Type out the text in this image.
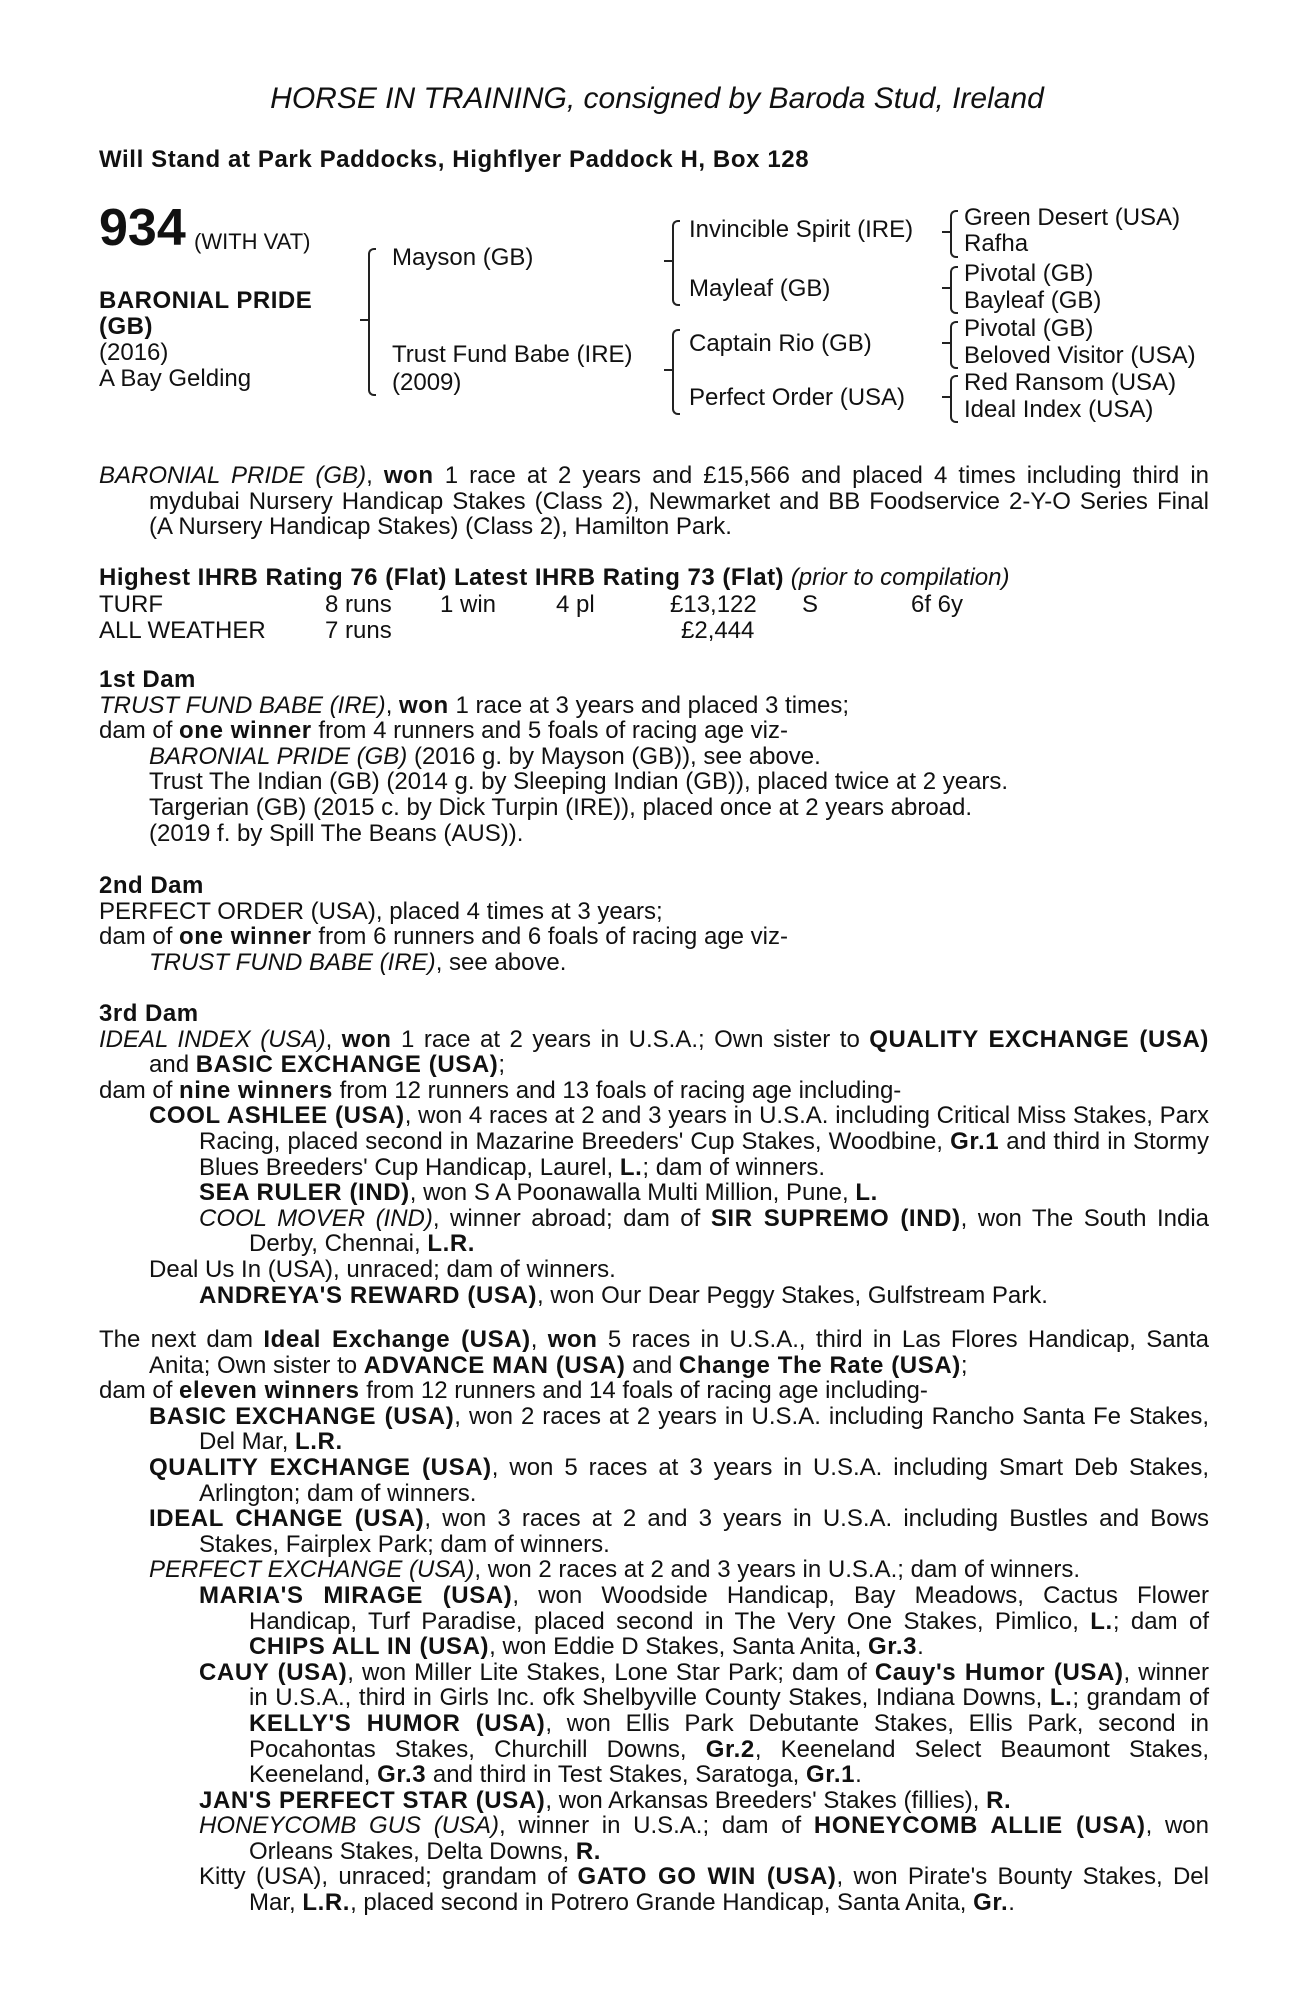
HORSE IN TRAINING, consigned by Baroda Stud, Ireland
Will Stand at Park Paddocks, Highflyer Paddock H, Box 128
934 (WITH VAT)
BARONIAL PRIDE
(GB)
(2016)
A Bay Gelding
Mayson (GB)
Trust Fund Babe (IRE)
(2009)
Invincible Spirit (IRE)
Mayleaf (GB)
Captain Rio (GB)
Perfect Order (USA)
Green Desert (USA)
Rafha
Pivotal (GB)
Bayleaf (GB)
Pivotal (GB)
Beloved Visitor (USA)
Red Ransom (USA)
Ideal Index (USA)

BARONIAL PRIDE (GB), won 1 race at 2 years and £15,566 and placed 4 times including third in mydubai Nursery Handicap Stakes (Class 2), Newmarket and BB Foodservice 2-Y-O Series Final (A Nursery Handicap Stakes) (Class 2), Hamilton Park.

Highest IHRB Rating 76 (Flat) Latest IHRB Rating 73 (Flat) (prior to compilation)

TURF	8 runs 1 win 4 pl	£13,122 S	6f 6y
ALL WEATHER 7 runs	£2,444

1st Dam

TRUST FUND BABE (IRE), won 1 race at 3 years and placed 3 times;

dam of one winner from 4 runners and 5 foals of racing age viz-

BARONIAL PRIDE (GB) (2016 g. by Mayson (GB)), see above.

Trust The Indian (GB) (2014 g. by Sleeping Indian (GB)), placed twice at 2 years.

Targerian (GB) (2015 c. by Dick Turpin (IRE)), placed once at 2 years abroad.

(2019 f. by Spill The Beans (AUS)).

2nd Dam

PERFECT ORDER (USA), placed 4 times at 3 years;

dam of one winner from 6 runners and 6 foals of racing age viz-

TRUST FUND BABE (IRE), see above.

3rd Dam

IDEAL INDEX (USA), won 1 race at 2 years in U.S.A.; Own sister to QUALITY EXCHANGE (USA) and BASIC EXCHANGE (USA);

dam of nine winners from 12 runners and 13 foals of racing age including-

COOL ASHLEE (USA), won 4 races at 2 and 3 years in U.S.A. including Critical Miss Stakes, Parx Racing, placed second in Mazarine Breeders' Cup Stakes, Woodbine, Gr.1 and third in Stormy Blues Breeders' Cup Handicap, Laurel, L.; dam of winners.

SEA RULER (IND), won S A Poonawalla Multi Million, Pune, L.

COOL MOVER (IND), winner abroad; dam of SIR SUPREMO (IND), won The South India Derby, Chennai, L.R.

Deal Us In (USA), unraced; dam of winners.

ANDREYA'S REWARD (USA), won Our Dear Peggy Stakes, Gulfstream Park.

The next dam Ideal Exchange (USA), won 5 races in U.S.A., third in Las Flores Handicap, Santa Anita; Own sister to ADVANCE MAN (USA) and Change The Rate (USA);

dam of eleven winners from 12 runners and 14 foals of racing age including-

BASIC EXCHANGE (USA), won 2 races at 2 years in U.S.A. including Rancho Santa Fe Stakes, Del Mar, L.R.

QUALITY EXCHANGE (USA), won 5 races at 3 years in U.S.A. including Smart Deb Stakes, Arlington; dam of winners.

IDEAL CHANGE (USA), won 3 races at 2 and 3 years in U.S.A. including Bustles and Bows Stakes, Fairplex Park; dam of winners.

PERFECT EXCHANGE (USA), won 2 races at 2 and 3 years in U.S.A.; dam of winners.

MARIA'S MIRAGE (USA), won Woodside Handicap, Bay Meadows, Cactus Flower Handicap, Turf Paradise, placed second in The Very One Stakes, Pimlico, L.; dam of CHIPS ALL IN (USA), won Eddie D Stakes, Santa Anita, Gr.3.

CAUY (USA), won Miller Lite Stakes, Lone Star Park; dam of Cauy's Humor (USA), winner in U.S.A., third in Girls Inc. ofk Shelbyville County Stakes, Indiana Downs, L.; grandam of KELLY'S HUMOR (USA), won Ellis Park Debutante Stakes, Ellis Park, second in Pocahontas Stakes, Churchill Downs, Gr.2, Keeneland Select Beaumont Stakes, Keeneland, Gr.3 and third in Test Stakes, Saratoga, Gr.1.

JAN'S PERFECT STAR (USA), won Arkansas Breeders' Stakes (fillies), R.

HONEYCOMB GUS (USA), winner in U.S.A.; dam of HONEYCOMB ALLIE (USA), won Orleans Stakes, Delta Downs, R.

Kitty (USA), unraced; grandam of GATO GO WIN (USA), won Pirate's Bounty Stakes, Del Mar, L.R., placed second in Potrero Grande Handicap, Santa Anita, Gr..
